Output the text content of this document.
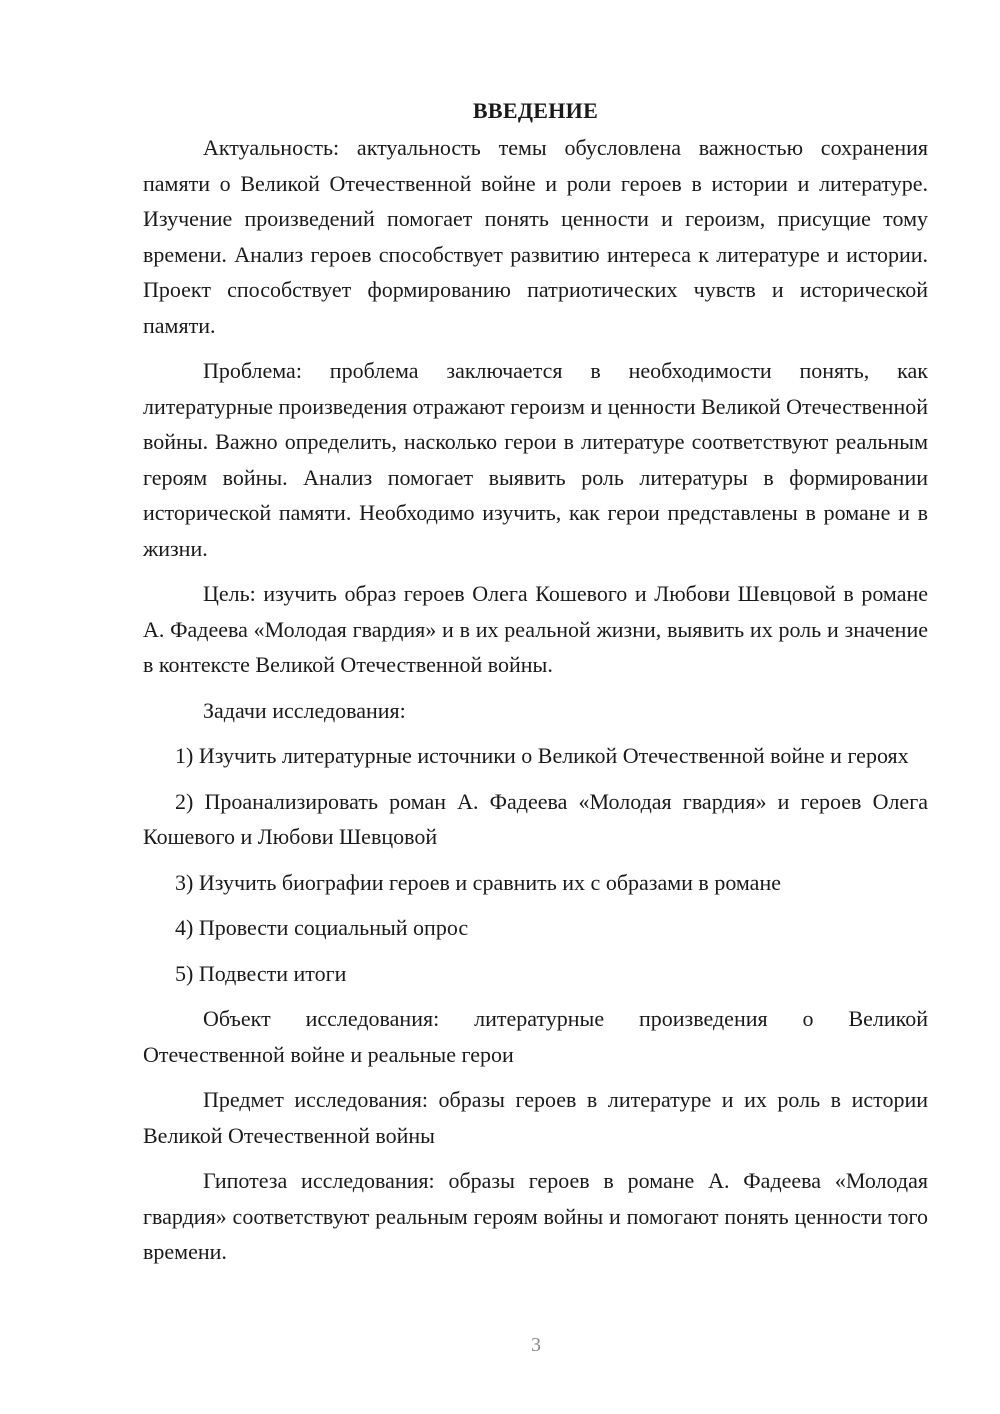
ВВЕДЕНИЕ

Актуальность: актуальность темы обусловлена важностью сохранения памяти о Великой Отечественной войне и роли героев в истории и литературе. Изучение произведений помогает понять ценности и героизм, присущие тому времени. Анализ героев способствует развитию интереса к литературе и истории. Проект способствует формированию патриотических чувств и исторической памяти.

Проблема: проблема заключается в необходимости понять, как литературные произведения отражают героизм и ценности Великой Отечественной войны. Важно определить, насколько герои в литературе соответствуют реальным героям войны. Анализ помогает выявить роль литературы в формировании исторической памяти. Необходимо изучить, как герои представлены в романе и в жизни.

Цель: изучить образ героев Олега Кошевого и Любови Шевцовой в романе А. Фадеева «Молодая гвардия» и в их реальной жизни, выявить их роль и значение в контексте Великой Отечественной войны.

Задачи исследования:

1) Изучить литературные источники о Великой Отечественной войне и героях

2) Проанализировать роман А. Фадеева «Молодая гвардия» и героев Олега Кошевого и Любови Шевцовой

3) Изучить биографии героев и сравнить их с образами в романе

4) Провести социальный опрос

5) Подвести итоги

Объект исследования: литературные произведения о Великой Отечественной войне и реальные герои

Предмет исследования: образы героев в литературе и их роль в истории Великой Отечественной войны

Гипотеза исследования: образы героев в романе А. Фадеева «Молодая гвардия» соответствуют реальным героям войны и помогают понять ценности того времени.

3
